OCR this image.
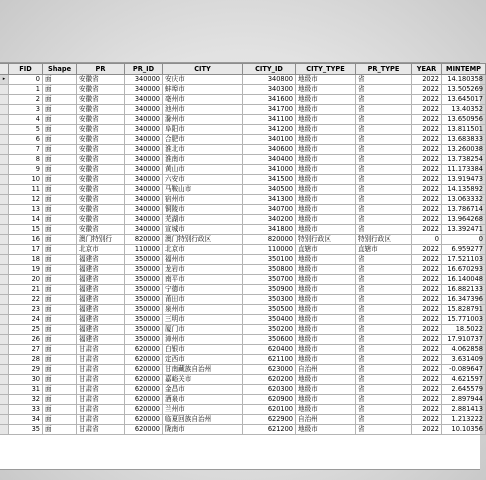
	FID	Shape	PR	PR_ID	CITY	CITY_ID	CITY_TYPE	PR_TYPE	YEAR	MINTEMP
▸	0	面	安徽省	340000	安庆市	340800	地级市	省	2022	14.180358
	1	面	安徽省	340000	蚌埠市	340300	地级市	省	2022	13.505269
	2	面	安徽省	340000	亳州市	341600	地级市	省	2022	13.645017
	3	面	安徽省	340000	池州市	341700	地级市	省	2022	13.40352
	4	面	安徽省	340000	滁州市	341100	地级市	省	2022	13.650956
	5	面	安徽省	340000	阜阳市	341200	地级市	省	2022	13.811501
	6	面	安徽省	340000	合肥市	340100	地级市	省	2022	13.683833
	7	面	安徽省	340000	淮北市	340600	地级市	省	2022	13.260038
	8	面	安徽省	340000	淮南市	340400	地级市	省	2022	13.738254
	9	面	安徽省	340000	黄山市	341000	地级市	省	2022	11.173384
	10	面	安徽省	340000	六安市	341500	地级市	省	2022	13.919473
	11	面	安徽省	340000	马鞍山市	340500	地级市	省	2022	14.135892
	12	面	安徽省	340000	宿州市	341300	地级市	省	2022	13.063332
	13	面	安徽省	340000	铜陵市	340700	地级市	省	2022	13.786714
	14	面	安徽省	340000	芜湖市	340200	地级市	省	2022	13.964268
	15	面	安徽省	340000	宣城市	341800	地级市	省	2022	13.392471
	16	面	澳门特别行	820000	澳门特别行政区	820000	特别行政区	特别行政区	0	0
	17	面	北京市	110000	北京市	110000	直辖市	直辖市	2022	6.959277
	18	面	福建省	350000	福州市	350100	地级市	省	2022	17.521103
	19	面	福建省	350000	龙岩市	350800	地级市	省	2022	16.670293
	20	面	福建省	350000	南平市	350700	地级市	省	2022	16.140048
	21	面	福建省	350000	宁德市	350900	地级市	省	2022	16.882133
	22	面	福建省	350000	莆田市	350300	地级市	省	2022	16.347396
	23	面	福建省	350000	泉州市	350500	地级市	省	2022	15.828791
	24	面	福建省	350000	三明市	350400	地级市	省	2022	15.771003
	25	面	福建省	350000	厦门市	350200	地级市	省	2022	18.5022
	26	面	福建省	350000	漳州市	350600	地级市	省	2022	17.910737
	27	面	甘肃省	620000	白银市	620400	地级市	省	2022	4.062858
	28	面	甘肃省	620000	定西市	621100	地级市	省	2022	3.631409
	29	面	甘肃省	620000	甘南藏族自治州	623000	自治州	省	2022	-0.089647
	30	面	甘肃省	620000	嘉峪关市	620200	地级市	省	2022	4.621597
	31	面	甘肃省	620000	金昌市	620300	地级市	省	2022	2.645579
	32	面	甘肃省	620000	酒泉市	620900	地级市	省	2022	2.897944
	33	面	甘肃省	620000	兰州市	620100	地级市	省	2022	2.881413
	34	面	甘肃省	620000	临夏回族自治州	622900	自治州	省	2022	1.213222
	35	面	甘肃省	620000	陇南市	621200	地级市	省	2022	10.10356
